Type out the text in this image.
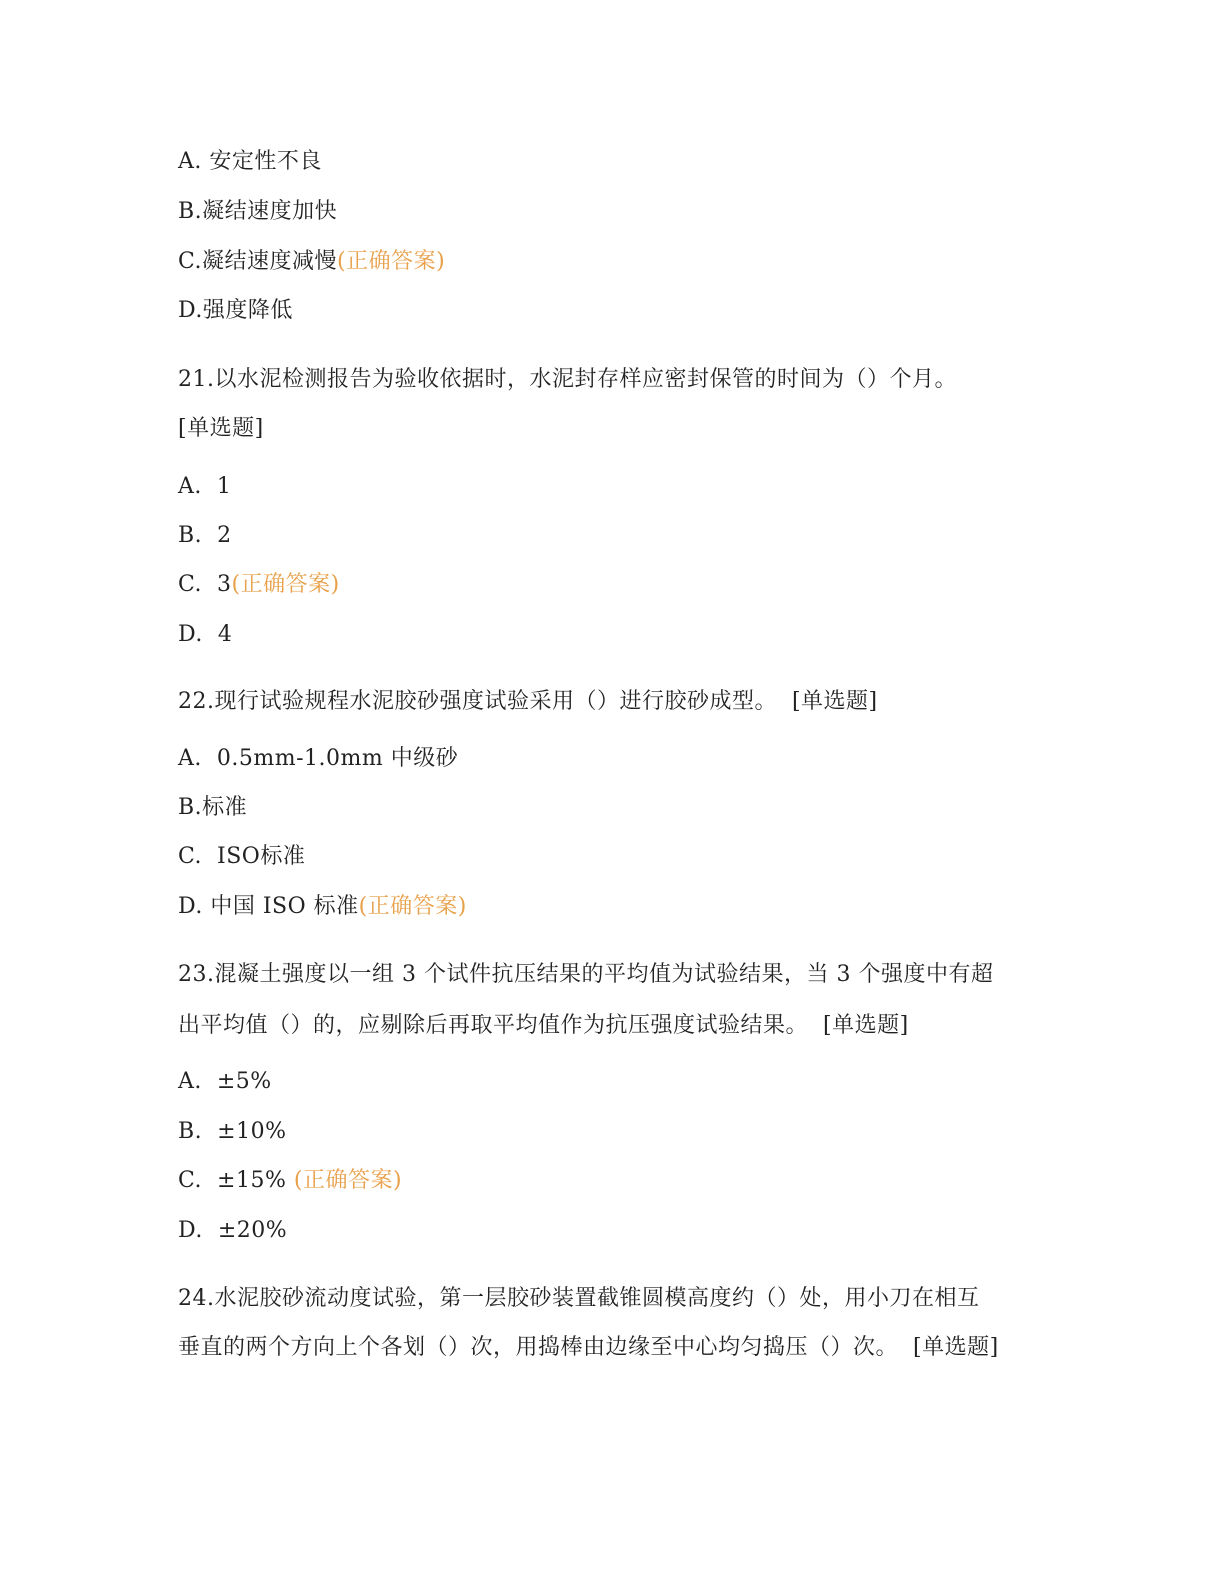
A. 安定性不良
B.凝结速度加快
C.凝结速度减慢(正确答案)
D.强度降低
21.以水泥检测报告为验收依据时，水泥封存样应密封保管的时间为（）个月。
[单选题]
A.  1
B.  2
C.  3(正确答案)
D.  4
22.现行试验规程水泥胶砂强度试验采用（）进行胶砂成型。  [单选题]
A.  0.5mm-1.0mm 中级砂
B.标准
C.  ISO标准
D. 中国 ISO 标准(正确答案)
23.混凝土强度以一组 3 个试件抗压结果的平均值为试验结果，当 3 个强度中有超
出平均值（）的，应剔除后再取平均值作为抗压强度试验结果。  [单选题]
A.  ±5%
B.  ±10%
C.  ±15% (正确答案)
D.  ±20%
24.水泥胶砂流动度试验，第一层胶砂装置截锥圆模高度约（）处，用小刀在相互
垂直的两个方向上个各划（）次，用捣棒由边缘至中心均匀捣压（）次。  [单选题]
